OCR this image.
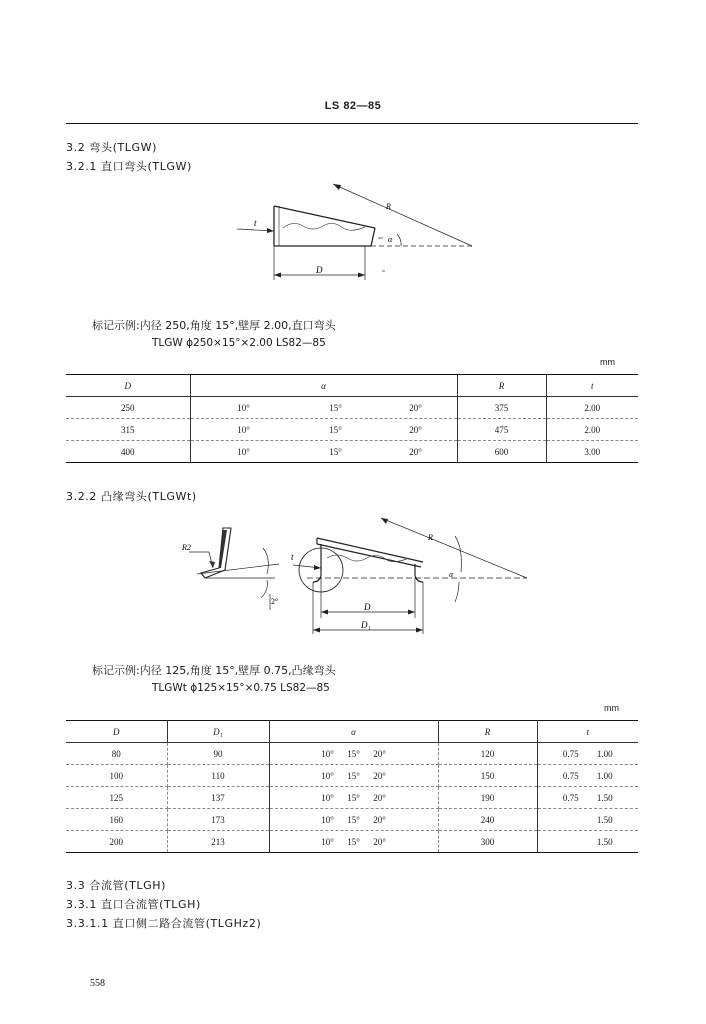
LS 82—85
3.2 弯头(TLGW)
3.2.1 直口弯头(TLGW)
t
D
R
α
标记示例:内径 250,角度 15°,壁厚 2.00,直口弯头
TLGW ϕ250×15°×2.00 LS82—85
mm
D	α	R	t
250	10° 15° 20°	375	2.00
315	10° 15° 20°	475	2.00
400	10° 15° 20°	600	3.00
3.2.2 凸缘弯头(TLGWt)
R2
2°
t
D
D₁
R
α
标记示例:内径 125,角度 15°,壁厚 0.75,凸缘弯头
TLGWt ϕ125×15°×0.75 LS82—85
mm
D	D₁	α	R	t
80	90	10° 15° 20°	120	0.75 1.00
100	110	10° 15° 20°	150	0.75 1.00
125	137	10° 15° 20°	190	0.75 1.50
160	173	10° 15° 20°	240	1.50
200	213	10° 15° 20°	300	1.50
3.3 合流管(TLGH)
3.3.1 直口合流管(TLGH)
3.3.1.1 直口侧二路合流管(TLGHz2)
558
